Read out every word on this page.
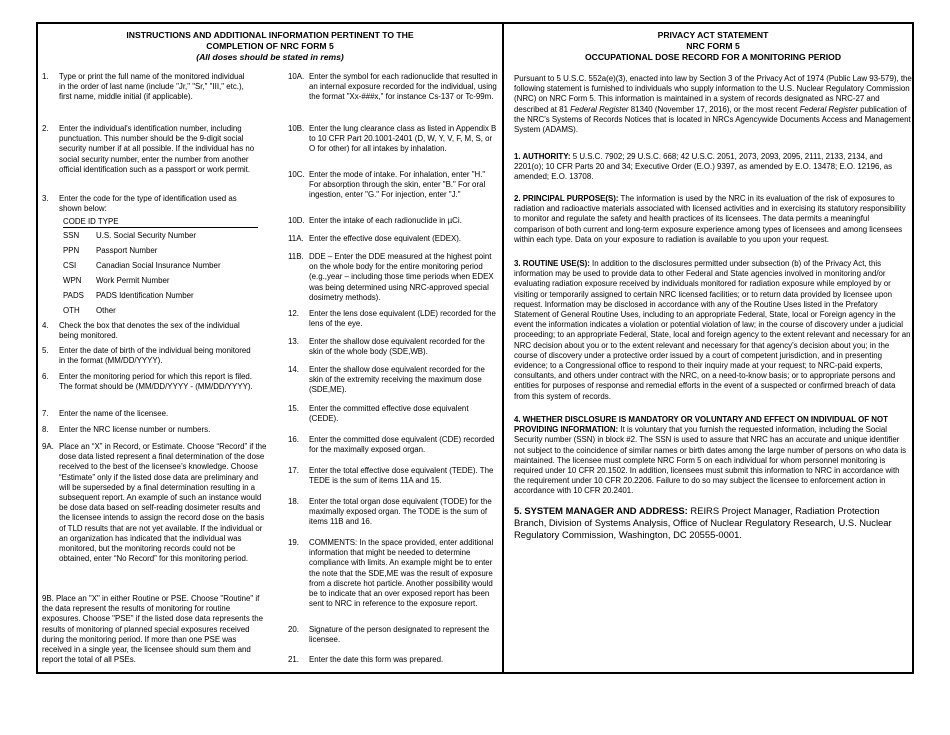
INSTRUCTIONS AND ADDITIONAL INFORMATION PERTINENT TO THE
COMPLETION OF NRC FORM 5
(All doses should be stated in rems)
1. Type or print the full name of the monitored individual in the order of last name (include "Jr," "Sr," "III," etc.), first name, middle initial (if applicable).
2. Enter the individual's identification number, including punctuation. This number should be the 9-digit social security number if at all possible. If the individual has no social security number, enter the number from another official identification such as a passport or work permit.
3. Enter the code for the type of identification used as shown below:
CODE ID TYPE
SSN	U.S. Social Security Number
PPN	Passport Number
CSI	Canadian Social Insurance Number
WPN	Work Permit Number
PADS	PADS Identification Number
OTH	Other
4. Check the box that denotes the sex of the individual being monitored.
5. Enter the date of birth of the individual being monitored in the format (MM/DD/YYYY).
6. Enter the monitoring period for which this report is filed. The format should be (MM/DD/YYYY - (MM/DD/YYYY).
7. Enter the name of the licensee.
8. Enter the NRC license number or numbers.
9A. Place an “X” in Record, or Estimate. Choose “Record” if the dose data listed represent a final determination of the dose received to the best of the licensee’s knowledge. Choose “Estimate” only if the listed dose data are preliminary and will be superseded by a final determination resulting in a subsequent report. An example of such an instance would be dose data based on self-reading dosimeter results and the licensee intends to assign the record dose on the basis of TLD results that are not yet available. If the individual or an organization has indicated that the individual was monitored, but the monitoring records could not be obtained, enter “No Record” for this monitoring period.
9B. Place an "X" in either Routine or PSE. Choose "Routine" if the data represent the results of monitoring for routine exposures. Choose "PSE" if the listed dose data represents the results of monitoring of planned special exposures received during the monitoring period. If more than one PSE was received in a single year, the licensee should sum them and report the total of all PSEs.
10A. Enter the symbol for each radionuclide that resulted in an internal exposure recorded for the individual, using the format "Xx-###x," for instance Cs-137 or Tc-99m.
10B. Enter the lung clearance class as listed in Appendix B to 10 CFR Part 20.1001-2401 (D, W, Y, V, F, M, S, or O for other) for all intakes by inhalation.
10C. Enter the mode of intake. For inhalation, enter "H." For absorption through the skin, enter "B." For oral ingestion, enter "G." For injection, enter "J."
10D. Enter the intake of each radionuclide in µCi.
11A. Enter the effective dose equivalent (EDEX).
11B. DDE – Enter the DDE measured at the highest point on the whole body for the entire monitoring period (e.g.,year – including those time periods when EDEX was being determined using NRC-approved special dosimetry methods).
12. Enter the lens dose equivalent (LDE) recorded for the lens of the eye.
13. Enter the shallow dose equivalent recorded for the skin of the whole body (SDE,WB).
14. Enter the shallow dose equivalent recorded for the skin of the extremity receiving the maximum dose (SDE,ME).
15. Enter the committed effective dose equivalent (CEDE).
16. Enter the committed dose equivalent (CDE) recorded for the maximally exposed organ.
17. Enter the total effective dose equivalent (TEDE). The TEDE is the sum of items 11A and 15.
18. Enter the total organ dose equivalent (TODE) for the maximally exposed organ. The TODE is the sum of items 11B and 16.
19. COMMENTS: In the space provided, enter additional information that might be needed to determine compliance with limits. An example might be to enter the note that the SDE,ME was the result of exposure from a discrete hot particle. Another possibility would be to indicate that an over exposed report has been sent to NRC in reference to the exposure report.
20. Signature of the person designated to represent the licensee.
21. Enter the date this form was prepared.
PRIVACY ACT STATEMENT
NRC FORM 5
OCCUPATIONAL DOSE RECORD FOR A MONITORING PERIOD
Pursuant to 5 U.S.C. 552a(e)(3), enacted into law by Section 3 of the Privacy Act of 1974 (Public Law 93-579), the following statement is furnished to individuals who supply information to the U.S. Nuclear Regulatory Commission (NRC) on NRC Form 5. This information is maintained in a system of records designated as NRC-27 and described at 81 Federal Register 81340 (November 17, 2016), or the most recent Federal Register publication of the NRC's Systems of Records Notices that is located in NRCs Agencywide Documents Access and Management System (ADAMS).
1. AUTHORITY: 5 U.S.C. 7902; 29 U.S.C. 668; 42 U.S.C. 2051, 2073, 2093, 2095, 2111, 2133, 2134, and 2201(o); 10 CFR Parts 20 and 34; Executive Order (E.O.) 9397, as amended by E.O. 13478; E.O. 12196, as amended; E.O. 13708.
2. PRINCIPAL PURPOSE(S): The information is used by the NRC in its evaluation of the risk of exposures to radiation and radioactive materials associated with licensed activities and in exercising its statutory responsibility to monitor and regulate the safety and health practices of its licensees. The data permits a meaningful comparison of both current and long-term exposure experience among types of licensees and among licensees within each type. Data on your exposure to radiation is available to you upon your request.
3. ROUTINE USE(S): In addition to the disclosures permitted under subsection (b) of the Privacy Act, this information may be used to provide data to other Federal and State agencies involved in monitoring and/or evaluating radiation exposure received by individuals monitored for radiation exposure while employed by or visiting or temporarily assigned to certain NRC licensed facilities; or to return data provided by licensee upon request. Information may be disclosed in accordance with any of the Routine Uses listed in the Prefatory Statement of General Routine Uses, including to an appropriate Federal, State, local or Foreign agency in the event the information indicates a violation or potential violation of law; in the course of discovery under a judicial proceeding; to an appropriate Federal, State, local and foreign agency to the extent relevant and necessary for an NRC decision about you or to the extent relevant and necessary for that agency's decision about you; in the course of discovery under a protective order issued by a court of competent jurisdiction, and in presenting evidence; to a Congressional office to respond to their inquiry made at your request; to NRC-paid experts, consultants, and others under contract with the NRC, on a need-to-know basis; or to appropriate persons and entities for purposes of response and remedial efforts in the event of a suspected or confirmed breach of data from this system of records.
4. WHETHER DISCLOSURE IS MANDATORY OR VOLUNTARY AND EFFECT ON INDIVIDUAL OF NOT PROVIDING INFORMATION: It is voluntary that you furnish the requested information, including the Social Security number (SSN) in block #2. The SSN is used to assure that NRC has an accurate and unique identifier not subject to the coincidence of similar names or birth dates among the large number of persons on who data is maintained. The licensee must complete NRC Form 5 on each individual for whom personnel monitoring is required under 10 CFR 20.1502. In addition, licensees must submit this information to NRC in accordance with the requirement under 10 CFR 20.2206. Failure to do so may subject the licensee to enforcement action in accordance with 10 CFR 20.2401.
5. SYSTEM MANAGER AND ADDRESS: REIRS Project Manager, Radiation Protection Branch, Division of Systems Analysis, Office of Nuclear Regulatory Research, U.S. Nuclear Regulatory Commission, Washington, DC 20555-0001.
